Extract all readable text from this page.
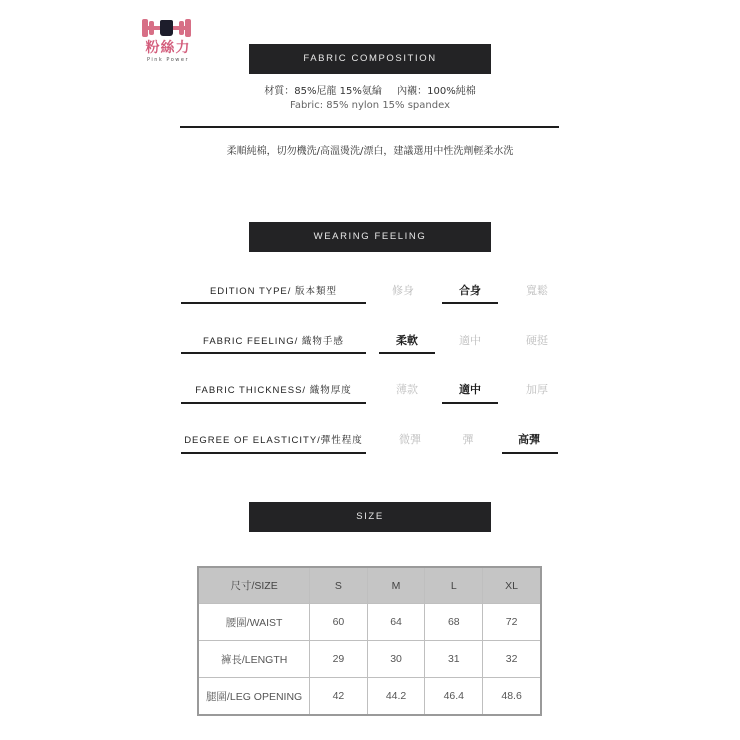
粉絲力
Pink Power	FABRIC COMPOSITION
材質：85%尼龍 15%氨綸 內襯：100%純棉
Fabric: 85% nylon 15% spandex
柔順純棉，切勿機洗/高溫燙洗/漂白，建議選用中性洗劑輕柔水洗
WEARING FEELING
EDITION TYPE/ 版本類型	修身	合身	寬鬆
FABRIC FEELING/ 織物手感	柔軟	適中	硬挺
FABRIC THICKNESS/ 織物厚度	薄款	適中	加厚
DEGREE OF ELASTICITY/彈性程度	微彈	彈	高彈
SIZE
尺寸/SIZE	S	M	L	XL
腰圍/WAIST	60	64	68	72
褲長/LENGTH	29	30	31	32
腿圍/LEG OPENING	42	44.2	46.4	48.6
